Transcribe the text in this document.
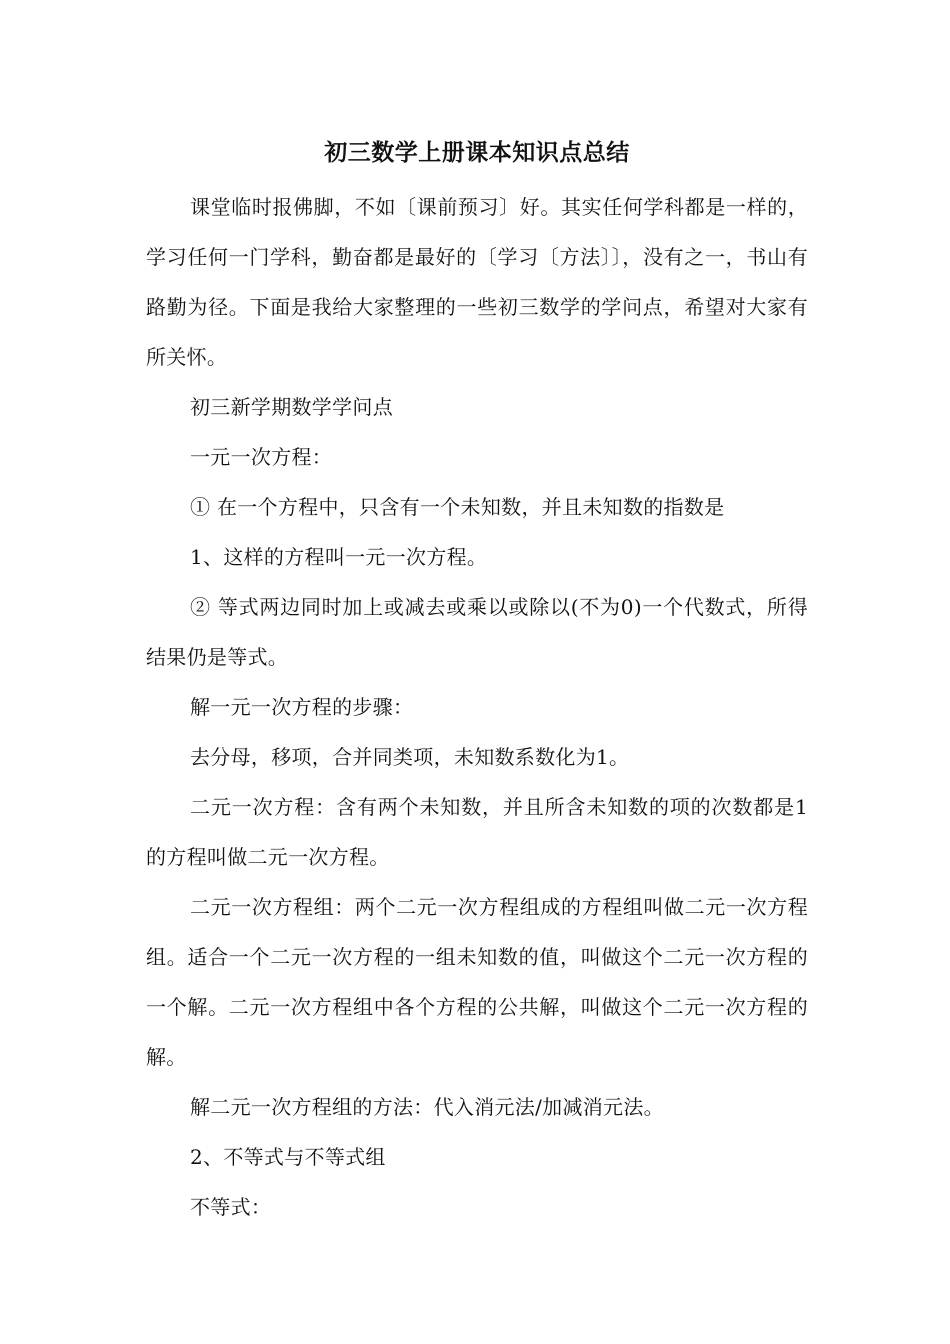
初三数学上册课本知识点总结

课堂临时报佛脚，不如〔课前预习〕好。其实任何学科都是一样的，学习任何一门学科，勤奋都是最好的〔学习〔方法〕〕，没有之一，书山有路勤为径。下面是我给大家整理的一些初三数学的学问点，希望对大家有所关怀。

初三新学期数学学问点

一元一次方程：

① 在一个方程中，只含有一个未知数，并且未知数的指数是

1、这样的方程叫一元一次方程。

② 等式两边同时加上或减去或乘以或除以(不为0)一个代数式，所得结果仍是等式。

解一元一次方程的步骤：

去分母，移项，合并同类项，未知数系数化为1。

二元一次方程：含有两个未知数，并且所含未知数的项的次数都是1的方程叫做二元一次方程。

二元一次方程组：两个二元一次方程组成的方程组叫做二元一次方程组。适合一个二元一次方程的一组未知数的值，叫做这个二元一次方程的一个解。二元一次方程组中各个方程的公共解，叫做这个二元一次方程的解。

解二元一次方程组的方法：代入消元法/加减消元法。

2、不等式与不等式组

不等式：
